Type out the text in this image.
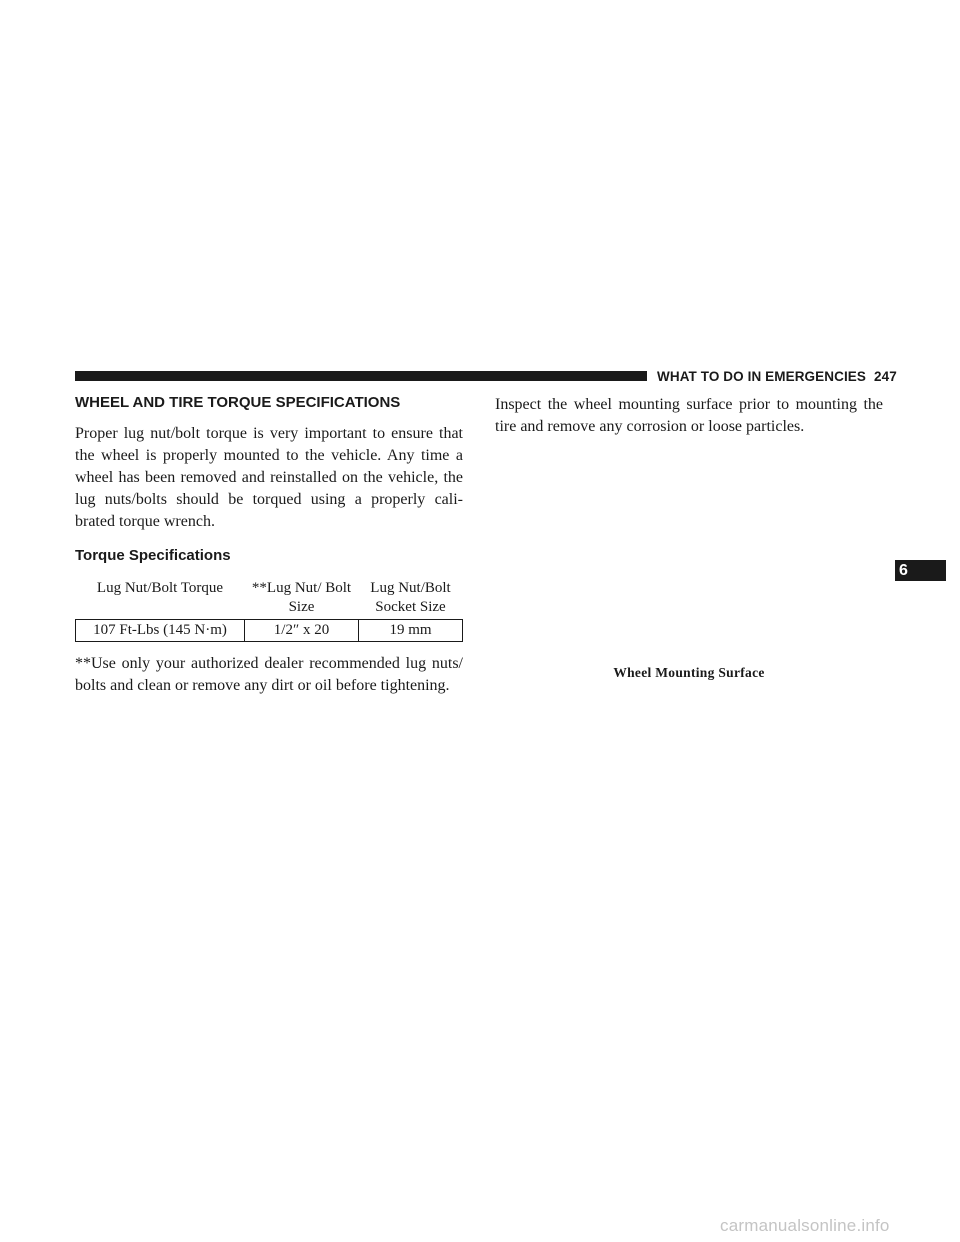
WHAT TO DO IN EMERGENCIES 247
6
WHEEL AND TIRE TORQUE SPECIFICATIONS

Proper lug nut/bolt torque is very important to ensure that the wheel is properly mounted to the vehicle. Any time a wheel has been removed and reinstalled on the vehicle, the lug nuts/bolts should be torqued using a properly cali- brated torque wrench.

Torque Specifications
Lug Nut/Bolt Torque	**Lug Nut/ Bolt Size	Lug Nut/Bolt Socket Size
107 Ft-Lbs (145 N·m)	1/2″ x 20	19 mm

**Use only your authorized dealer recommended lug nuts/ bolts and clean or remove any dirt or oil before tightening.

Inspect the wheel mounting surface prior to mounting the tire and remove any corrosion or loose particles.

Wheel Mounting Surface
carmanualsonline.info
